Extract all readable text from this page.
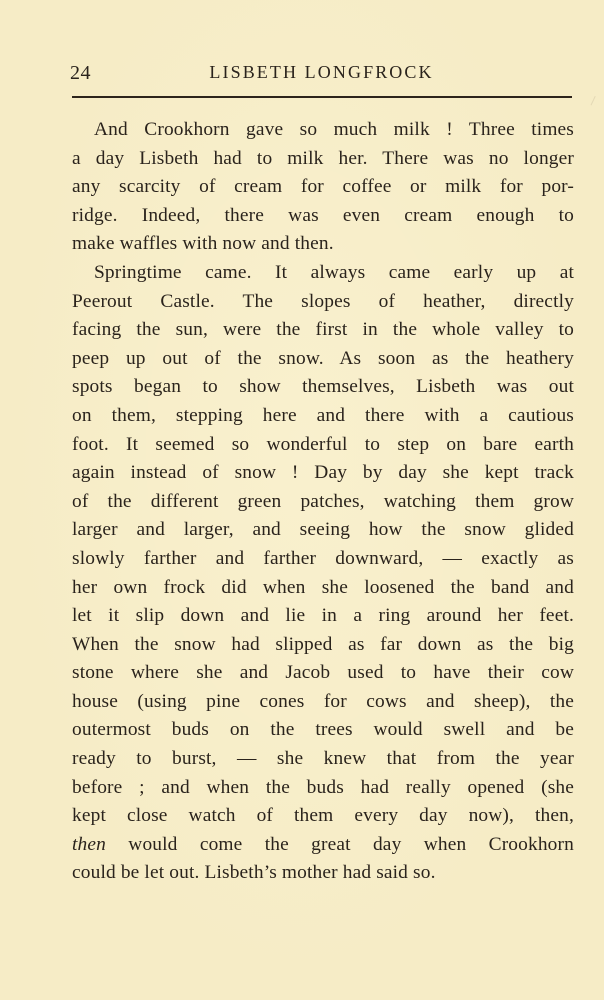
24	LISBETH LONGFROCK
And Crookhorn gave so much milk ! Three times
a day Lisbeth had to milk her. There was no longer
any scarcity of cream for coffee or milk for por-
ridge. Indeed, there was even cream enough to
make waffles with now and then.
Springtime came. It always came early up at
Peerout Castle. The slopes of heather, directly
facing the sun, were the first in the whole valley to
peep up out of the snow. As soon as the heathery
spots began to show themselves, Lisbeth was out
on them, stepping here and there with a cautious
foot. It seemed so wonderful to step on bare earth
again instead of snow ! Day by day she kept track
of the different green patches, watching them grow
larger and larger, and seeing how the snow glided
slowly farther and farther downward, — exactly as
her own frock did when she loosened the band and
let it slip down and lie in a ring around her feet.
When the snow had slipped as far down as the big
stone where she and Jacob used to have their cow
house (using pine cones for cows and sheep), the
outermost buds on the trees would swell and be
ready to burst, — she knew that from the year
before ; and when the buds had really opened (she
kept close watch of them every day now), then,
then would come the great day when Crookhorn
could be let out. Lisbeth’s mother had said so.
